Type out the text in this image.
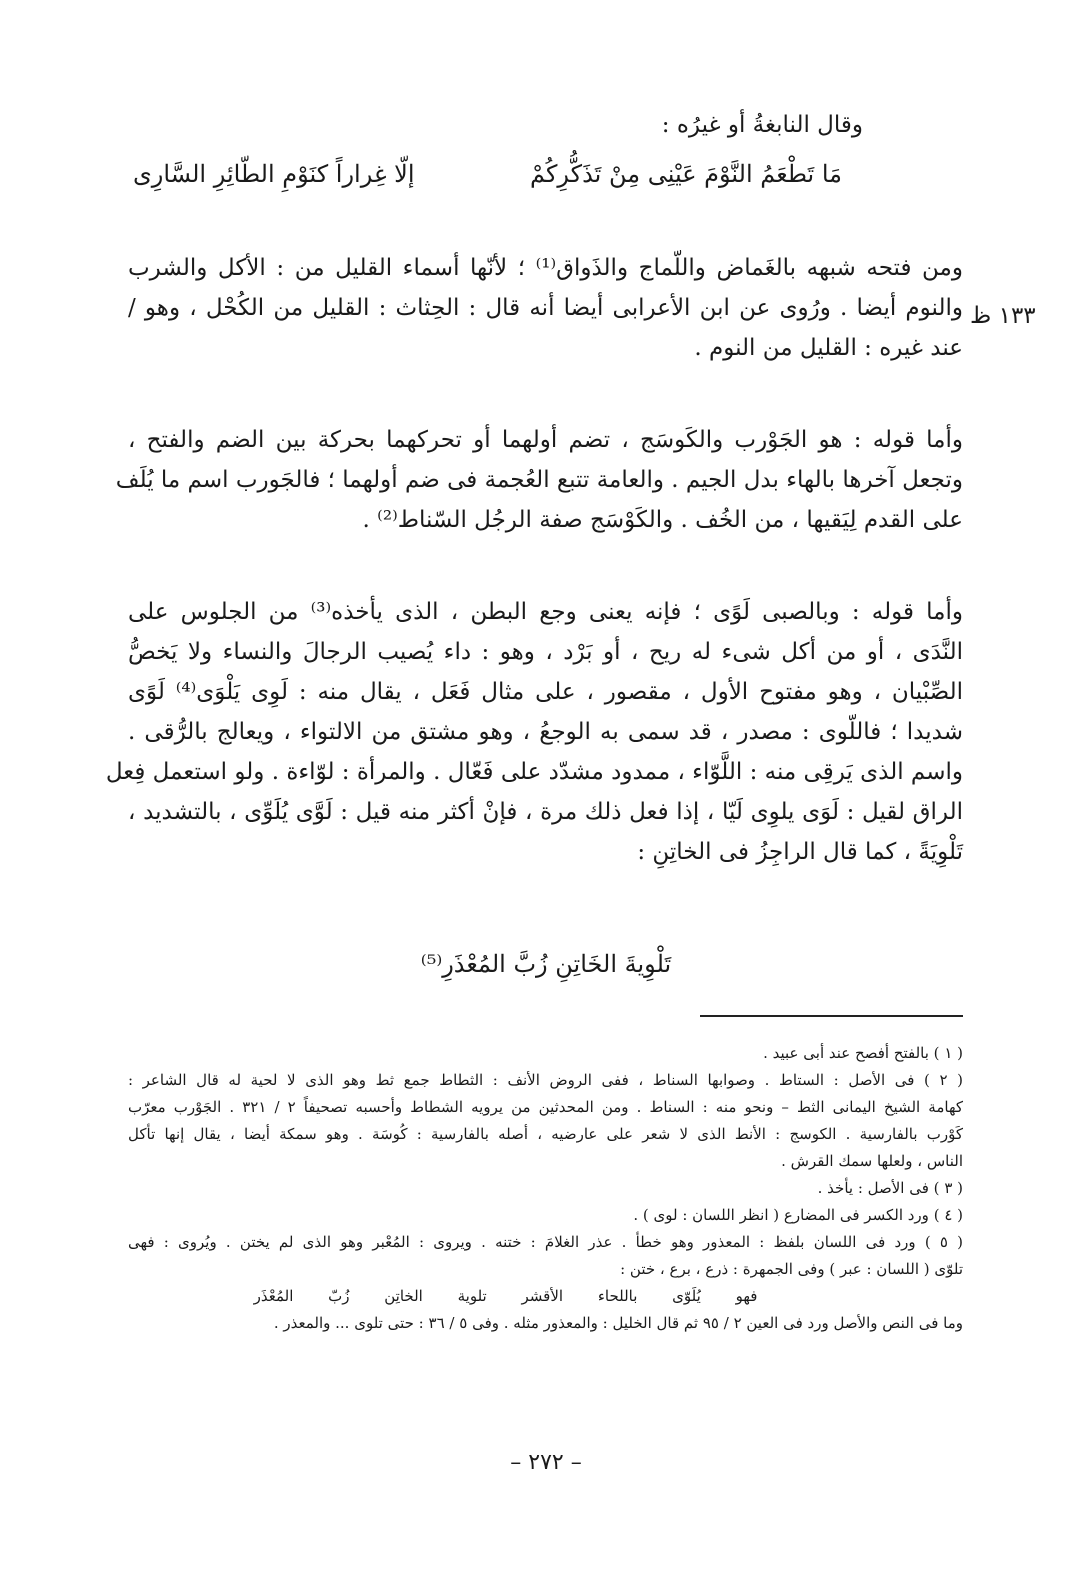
وقال النابغةُ أو غيرُه :
مَا تَطْعَمُ النَّوْمَ عَيْنِى مِنْ تَذَكُّرِكُمْ
إلّا غِراراً كنَوْمِ الطّائِرِ السَّارِى
١٣٣ ظ
ومن فتحه شبهه بالغَماض واللّماج والذَواق⁽¹⁾ ؛ لأنّها أسماء القليل من : الأكل والشرب
والنوم أيضا . ورُوى عن ابن الأعرابى أيضا أنه قال : الحِثاث : القليل من الكُحْل ، وهو /
عند غيره : القليل من النوم .
وأما قوله : هو الجَوْرب والكَوسَج ، تضم أولهما أو تحركهما بحركة بين الضم والفتح ،
وتجعل آخرها بالهاء بدل الجيم . والعامة تتبع العُجمة فى ضم أولهما ؛ فالجَورب اسم ما يُلَف
على القدم لِيَقيها ، من الخُف . والكَوْسَج صفة الرجُل السّناط⁽²⁾ .
وأما قوله : وبالصبى لَوًى ؛ فإنه يعنى وجع البطن ، الذى يأخذه⁽³⁾ من الجلوس على
النَّدَى ، أو من أكل شىء له ريح ، أو بَرْد ، وهو : داء يُصيب الرجالَ والنساء ولا يَخصُّ
الصِّبْيان ، وهو مفتوح الأول ، مقصور ، على مثال فَعَل ، يقال منه : لَوِى يَلْوَى⁽⁴⁾ لَوًى
شديدا ؛ فاللّوى : مصدر ، قد سمى به الوجعُ ، وهو مشتق من الالتواء ، ويعالج بالرُّقى .
واسم الذى يَرقِى منه : اللَّوّاء ، ممدود مشدّد على فَعّال . والمرأة : لوّاءة . ولو استعمل فِعل
الراق لقيل : لَوَى يلوِى لَيّا ، إذا فعل ذلك مرة ، فإنْ أكثر منه قيل : لَوَّى يُلَوِّى ، بالتشديد ،
تَلْوِيَةً ، كما قال الراجِزُ فى الخاتِنِ :
تَلْوِيةَ الخَاتِنِ زُبَّ المُعْذَرِ⁽⁵⁾
( ١ ) بالفتح أفصح عند أبى عبيد .
( ٢ ) فى الأصل : الستاط . وصوابها السناط ، ففى الروض الأنف : الثطاط جمع ثط وهو الذى لا لحية له قال الشاعر :
كهامة الشيخ اليمانى الثط – ونحو منه : السناط . ومن المحدثين من يرويه الشطاط وأحسبه تصحيفاً ٢ / ٣٢١ . الجَوْرب معرّب
كَوْرب بالفارسية . الكوسج : الأنط الذى لا شعر على عارضيه ، أصله بالفارسية : كُوسَة . وهو سمكة أيضا ، يقال إنها تأكل
الناس ، ولعلها سمك القرش .
( ٣ ) فى الأصل : يأخذ .
( ٤ ) ورد الكسر فى المضارع ( انظر اللسان : لوى ) .
( ٥ ) ورد فى اللسان بلفظ : المعذور وهو خطأ . عذر الغلامَ : ختنه . ويروى : المُعْبر وهو الذى لم يختن . ويُروى : فهى
تلوّى ( اللسان : عبر ) وفى الجمهرة : ذرع ، برع ، ختن :
فهو يُلَوّى باللحاء الأقشر تلوية الخاتِن زُبّ المُعْذَر
وما فى النص والأصل ورد فى العين ٢ / ٩٥ ثم قال الخليل : والمعذور مثله . وفى ٥ / ٣٦ : حتى تلوى ... والمعذر .
– ٢٧٢ –
